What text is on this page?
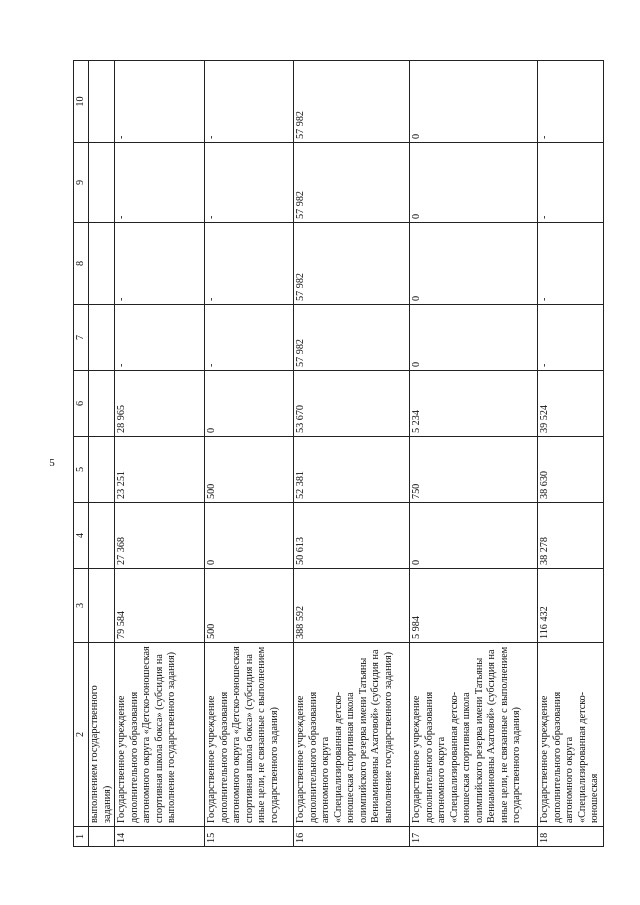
5
1	2	3	4	5	6	7	8	9	10
	выполнением государственного задания)								
14	Государственное учреждение дополнительного образования автономного округа «Детско-юношеская спортивная школа бокса» (субсидия на выполнение государственного задания)	79 584	27 368	23 251	28 965	-	-	-	-
15	Государственное учреждение дополнительного образования автономного округа «Детско-юношеская спортивная школа бокса» (субсидия на иные цели, не связанные с выполнением государственного задания)	500	0	500	0	-	-	-	-
16	Государственное учреждение дополнительного образования автономного округа «Специализированная детско-юношеская спортивная школа олимпийского резерва имени Татьяны Вениаминовны Ахатовой» (субсидия на выполнение государственного задания)	388 592	50 613	52 381	53 670	57 982	57 982	57 982	57 982
17	Государственное учреждение дополнительного образования автономного округа «Специализированная детско-юношеская спортивная школа олимпийского резерва имени Татьяны Вениаминовны Ахатовой» (субсидия на иные цели, не связанные с выполнением государственного задания)	5 984	0	750	5 234	0	0	0	0
18	Государственное учреждение дополнительного образования автономного округа «Специализированная детско-юношеская	116 432	38 278	38 630	39 524	-	-	-	-
